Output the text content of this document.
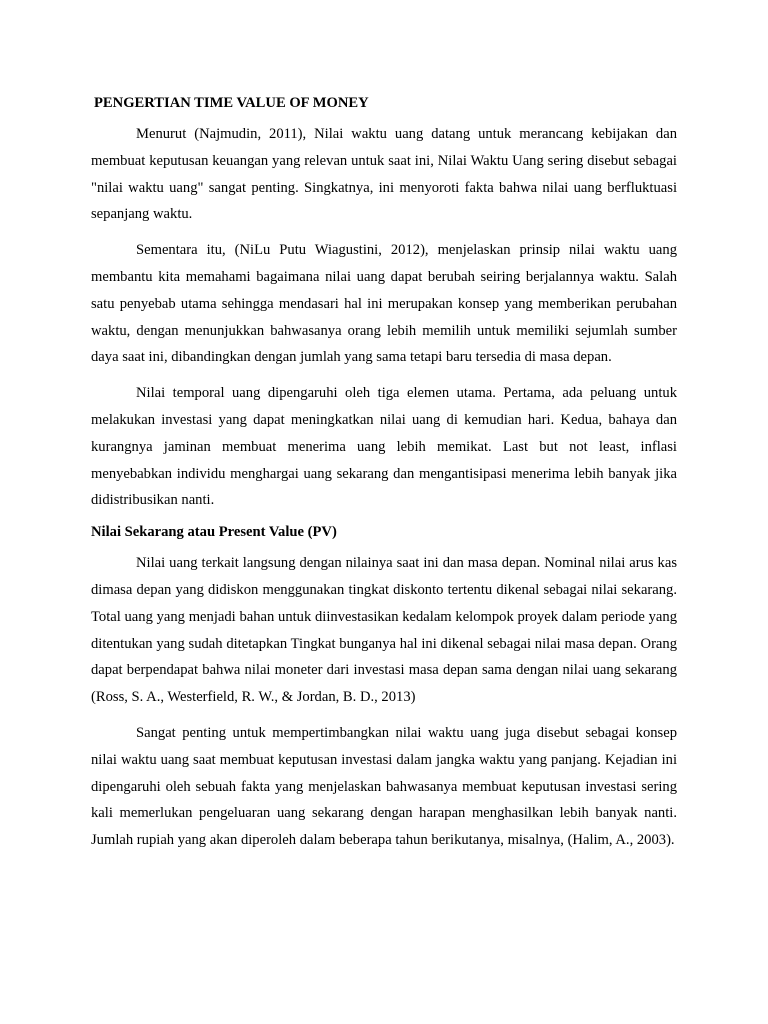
PENGERTIAN TIME VALUE OF MONEY

Menurut (Najmudin, 2011), Nilai waktu uang datang untuk merancang kebijakan dan membuat keputusan keuangan yang relevan untuk saat ini, Nilai Waktu Uang sering disebut sebagai "nilai waktu uang" sangat penting. Singkatnya, ini menyoroti fakta bahwa nilai uang berfluktuasi sepanjang waktu.

Sementara itu, (NiLu Putu Wiagustini, 2012), menjelaskan prinsip nilai waktu uang membantu kita memahami bagaimana nilai uang dapat berubah seiring berjalannya waktu. Salah satu penyebab utama sehingga mendasari hal ini merupakan konsep yang memberikan perubahan waktu, dengan menunjukkan bahwasanya orang lebih memilih untuk memiliki sejumlah sumber daya saat ini, dibandingkan dengan jumlah yang sama tetapi baru tersedia di masa depan.

Nilai temporal uang dipengaruhi oleh tiga elemen utama. Pertama, ada peluang untuk melakukan investasi yang dapat meningkatkan nilai uang di kemudian hari. Kedua, bahaya dan kurangnya jaminan membuat menerima uang lebih memikat. Last but not least, inflasi menyebabkan individu menghargai uang sekarang dan mengantisipasi menerima lebih banyak jika didistribusikan nanti.

Nilai Sekarang atau Present Value (PV)

Nilai uang terkait langsung dengan nilainya saat ini dan masa depan. Nominal nilai arus kas dimasa depan yang didiskon menggunakan tingkat diskonto tertentu dikenal sebagai nilai sekarang. Total uang yang menjadi bahan untuk diinvestasikan kedalam kelompok proyek dalam periode yang ditentukan yang sudah ditetapkan Tingkat bunganya hal ini dikenal sebagai nilai masa depan. Orang dapat berpendapat bahwa nilai moneter dari investasi masa depan sama dengan nilai uang sekarang (Ross, S. A., Westerfield, R. W., & Jordan, B. D., 2013)

Sangat penting untuk mempertimbangkan nilai waktu uang juga disebut sebagai konsep nilai waktu uang saat membuat keputusan investasi dalam jangka waktu yang panjang. Kejadian ini dipengaruhi oleh sebuah fakta yang menjelaskan bahwasanya membuat keputusan investasi sering kali memerlukan pengeluaran uang sekarang dengan harapan menghasilkan lebih banyak nanti. Jumlah rupiah yang akan diperoleh dalam beberapa tahun berikutanya, misalnya, (Halim, A., 2003).
